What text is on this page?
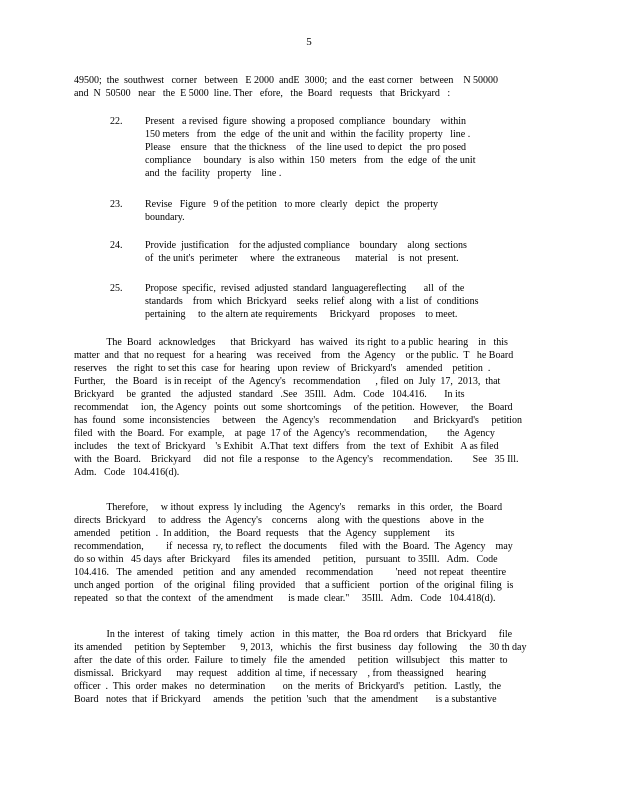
5
49500;  the  southwest   corner   between   E 2000  andE  3000;  and  the  east corner   between    N 50000
and  N  50500   near   the  E 5000  line. Ther   efore,   the  Board   requests   that  Brickyard   :
22. Present   a revised  figure  showing  a proposed  compliance   boundary    within
150 meters   from   the  edge  of  the unit and  within  the facility  property   line .
Please    ensure   that  the thickness    of  the  line used  to depict   the  pro posed
compliance     boundary   is also  within  150  meters   from   the  edge  of  the unit
and  the  facility   property    line .
23. Revise   Figure   9 of the petition   to more  clearly   depict   the  property
boundary.
24. Provide  justification    for the adjusted compliance    boundary    along  sections
of  the unit's  perimeter     where   the extraneous      material    is  not  present.
25. Propose  specific,  revised  adjusted  standard  languagereflecting       all  of  the
standards    from  which  Brickyard    seeks  relief  along  with  a list  of  conditions
pertaining     to  the altern ate requirements     Brickyard    proposes    to meet.
The  Board   acknowledges      that  Brickyard    has  waived   its right  to a public  hearing    in   this
matter  and  that  no request   for  a hearing    was  received    from   the  Agency    or the public.  T   he Board
reserves    the  right  to set this  case  for  hearing   upon  review   of  Brickyard's    amended    petition  .
Further,    the  Board   is in receipt   of  the  Agency's   recommendation      , filed  on  July  17,  2013,  that
Brickyard     be  granted    the  adjusted   standard   .See   35Ill.   Adm.   Code   104.416.       In its
recommendat     ion,  the Agency   points  out  some  shortcomings     of  the petition.  However,     the  Board
has  found   some  inconsistencies     between    the  Agency's    recommendation       and  Brickyard's     petition
filed  with  the  Board.  For  example,    at  page  17 of  the  Agency's   recommendation,        the  Agency
includes    the  text of  Brickyard    's Exhibit   A.That  text  differs   from   the  text  of  Exhibit   A as filed
with  the  Board.    Brickyard     did  not  file  a response    to  the Agency's    recommendation.        See   35 Ill.
Adm.   Code   104.416(d).
Therefore,     w ithout  express  ly including    the  Agency's     remarks   in  this  order,   the  Board
directs  Brickyard     to  address   the  Agency's    concerns    along  with  the questions    above  in  the
amended    petition  .  In addition,    the  Board  requests    that  the  Agency   supplement      its
recommendation,         if  necessa  ry, to reflect   the documents     filed  with  the  Board.  The  Agency    may
do so within   45 days  after  Brickyard     files its amended     petition,    pursuant   to 35Ill.   Adm.   Code
104.416.   The  amended    petition   and  any  amended    recommendation         'need   not repeat   theentire
unch anged  portion    of  the  original   filing  provided    that  a sufficient    portion   of the  original  filing  is
repeated   so that  the context   of  the amendment      is made  clear."     35Ill.   Adm.   Code   104.418(d).
In the  interest   of  taking   timely   action   in  this matter,   the  Boa rd orders   that  Brickyard     file
its amended     petition  by September      9, 2013,   whichis   the  first  business   day  following     the   30 th day
after   the date  of this  order.  Failure   to timely   file  the  amended     petition   willsubject    this  matter  to
dismissal.   Brickyard      may  request    addition  al time,  if necessary    , from  theassigned     hearing
officer  .  This  order  makes   no  determination       on  the  merits  of  Brickyard's    petition.   Lastly,   the
Board   notes  that  if Brickyard     amends    the  petition  'such   that  the  amendment       is a substantive
